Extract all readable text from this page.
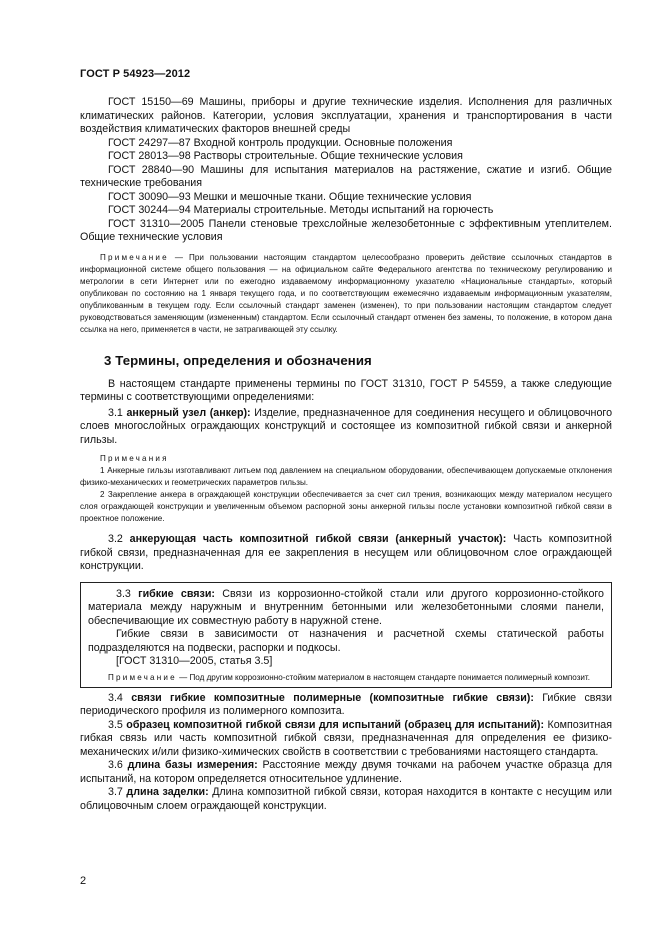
ГОСТ Р 54923—2012

ГОСТ 15150—69 Машины, приборы и другие технические изделия. Исполнения для различных климатических районов. Категории, условия эксплуатации, хранения и транспортирования в части воздействия климатических факторов внешней среды

ГОСТ 24297—87 Входной контроль продукции. Основные положения

ГОСТ 28013—98 Растворы строительные. Общие технические условия

ГОСТ 28840—90 Машины для испытания материалов на растяжение, сжатие и изгиб. Общие технические требования

ГОСТ 30090—93 Мешки и мешочные ткани. Общие технические условия

ГОСТ 30244—94 Материалы строительные. Методы испытаний на горючесть

ГОСТ 31310—2005 Панели стеновые трехслойные железобетонные с эффективным утеплителем. Общие технические условия

Примечание — При пользовании настоящим стандартом целесообразно проверить действие ссылочных стандартов в информационной системе общего пользования — на официальном сайте Федерального агентства по техническому регулированию и метрологии в сети Интернет или по ежегодно издаваемому информационному указателю «Национальные стандарты», который опубликован по состоянию на 1 января текущего года, и по соответствующим ежемесячно издаваемым информационным указателям, опубликованным в текущем году. Если ссылочный стандарт заменен (изменен), то при пользовании настоящим стандартом следует руководствоваться заменяющим (измененным) стандартом. Если ссылочный стандарт отменен без замены, то положение, в котором дана ссылка на него, применяется в части, не затрагивающей эту ссылку.

3 Термины, определения и обозначения

В настоящем стандарте применены термины по ГОСТ 31310, ГОСТ Р 54559, а также следующие термины с соответствующими определениями:

3.1 анкерный узел (анкер): Изделие, предназначенное для соединения несущего и облицовочного слоев многослойных ограждающих конструкций и состоящее из композитной гибкой связи и анкерной гильзы.

Примечания

1 Анкерные гильзы изготавливают литьем под давлением на специальном оборудовании, обеспечивающем допускаемые отклонения физико-механических и геометрических параметров гильзы.

2 Закрепление анкера в ограждающей конструкции обеспечивается за счет сил трения, возникающих между материалом несущего слоя ограждающей конструкции и увеличенным объемом распорной зоны анкерной гильзы после установки композитной гибкой связи в проектное положение.

3.2 анкерующая часть композитной гибкой связи (анкерный участок): Часть композитной гибкой связи, предназначенная для ее закрепления в несущем или облицовочном слое ограждающей конструкции.

3.3 гибкие связи: Связи из коррозионно-стойкой стали или другого коррозионно-стойкого материала между наружным и внутренним бетонными или железобетонными слоями панели, обеспечивающие их совместную работу в наружной стене.

Гибкие связи в зависимости от назначения и расчетной схемы статической работы подразделяются на подвески, распорки и подкосы.

[ГОСТ 31310—2005, статья 3.5]

Примечание — Под другим коррозионно-стойким материалом в настоящем стандарте понимается полимерный композит.

3.4 связи гибкие композитные полимерные (композитные гибкие связи): Гибкие связи периодического профиля из полимерного композита.

3.5 образец композитной гибкой связи для испытаний (образец для испытаний): Композитная гибкая связь или часть композитной гибкой связи, предназначенная для определения ее физико-механических и/или физико-химических свойств в соответствии с требованиями настоящего стандарта.

3.6 длина базы измерения: Расстояние между двумя точками на рабочем участке образца для испытаний, на котором определяется относительное удлинение.

3.7 длина заделки: Длина композитной гибкой связи, которая находится в контакте с несущим или облицовочным слоем ограждающей конструкции.

2
